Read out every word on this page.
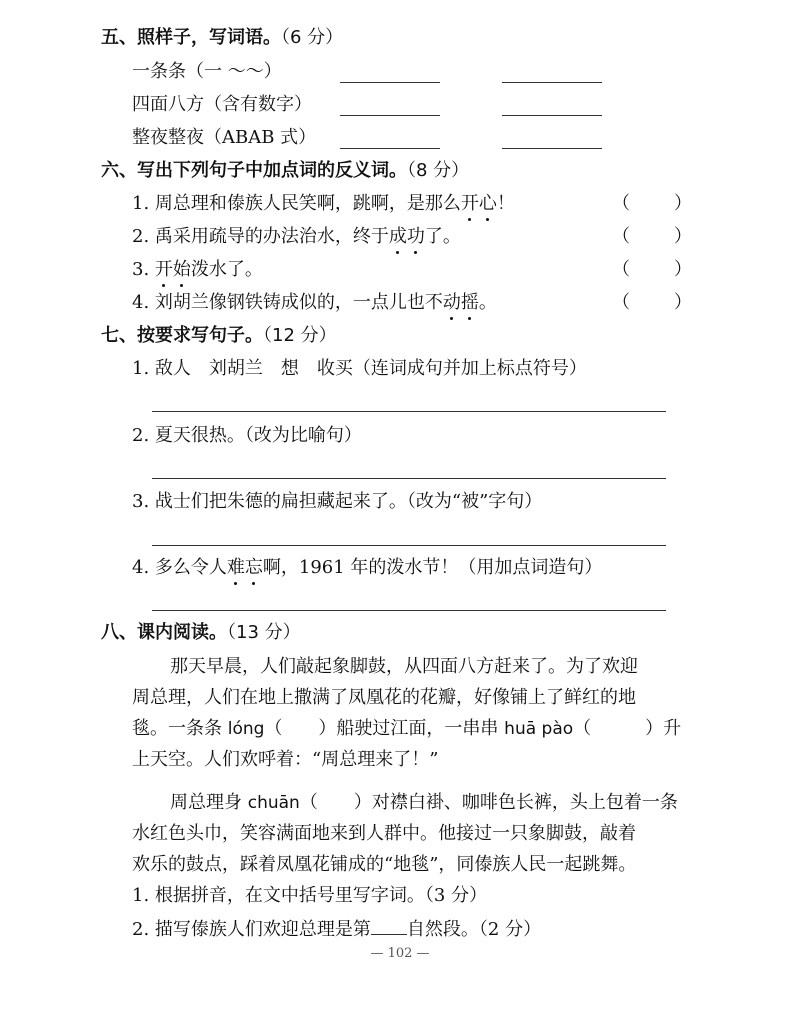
五、照样子，写词语。（6 分）
一条条（一 ～～）
四面八方（含有数字）
整夜整夜（ABAB 式）
六、写出下列句子中加点词的反义词。（8 分）
1. 周总理和傣族人民笑啊，跳啊，是那么开心！	（ ）
2. 禹采用疏导的办法治水，终于成功了。	（ ）
3. 开始泼水了。	（ ）
4. 刘胡兰像钢铁铸成似的，一点儿也不动摇。	（ ）
七、按要求写句子。（12 分）
1. 敌人　刘胡兰　想　收买（连词成句并加上标点符号）
2. 夏天很热。（改为比喻句）
3. 战士们把朱德的扁担藏起来了。（改为“被”字句）
4. 多么令人难忘啊，1961 年的泼水节！（用加点词造句）
八、课内阅读。（13 分）
那天早晨，人们敲起象脚鼓，从四面八方赶来了。为了欢迎
周总理，人们在地上撒满了凤凰花的花瓣，好像铺上了鲜红的地
毯。一条条 lóng（　　）船驶过江面，一串串 huā pào（　　　）升
上天空。人们欢呼着：“周总理来了！”
周总理身 chuān（　　）对襟白褂、咖啡色长裤，头上包着一条
水红色头巾，笑容满面地来到人群中。他接过一只象脚鼓，敲着
欢乐的鼓点，踩着凤凰花铺成的“地毯”，同傣族人民一起跳舞。
1. 根据拼音，在文中括号里写字词。（3 分）
2. 描写傣族人们欢迎总理是第 自然段。（2 分）
— 102 —
